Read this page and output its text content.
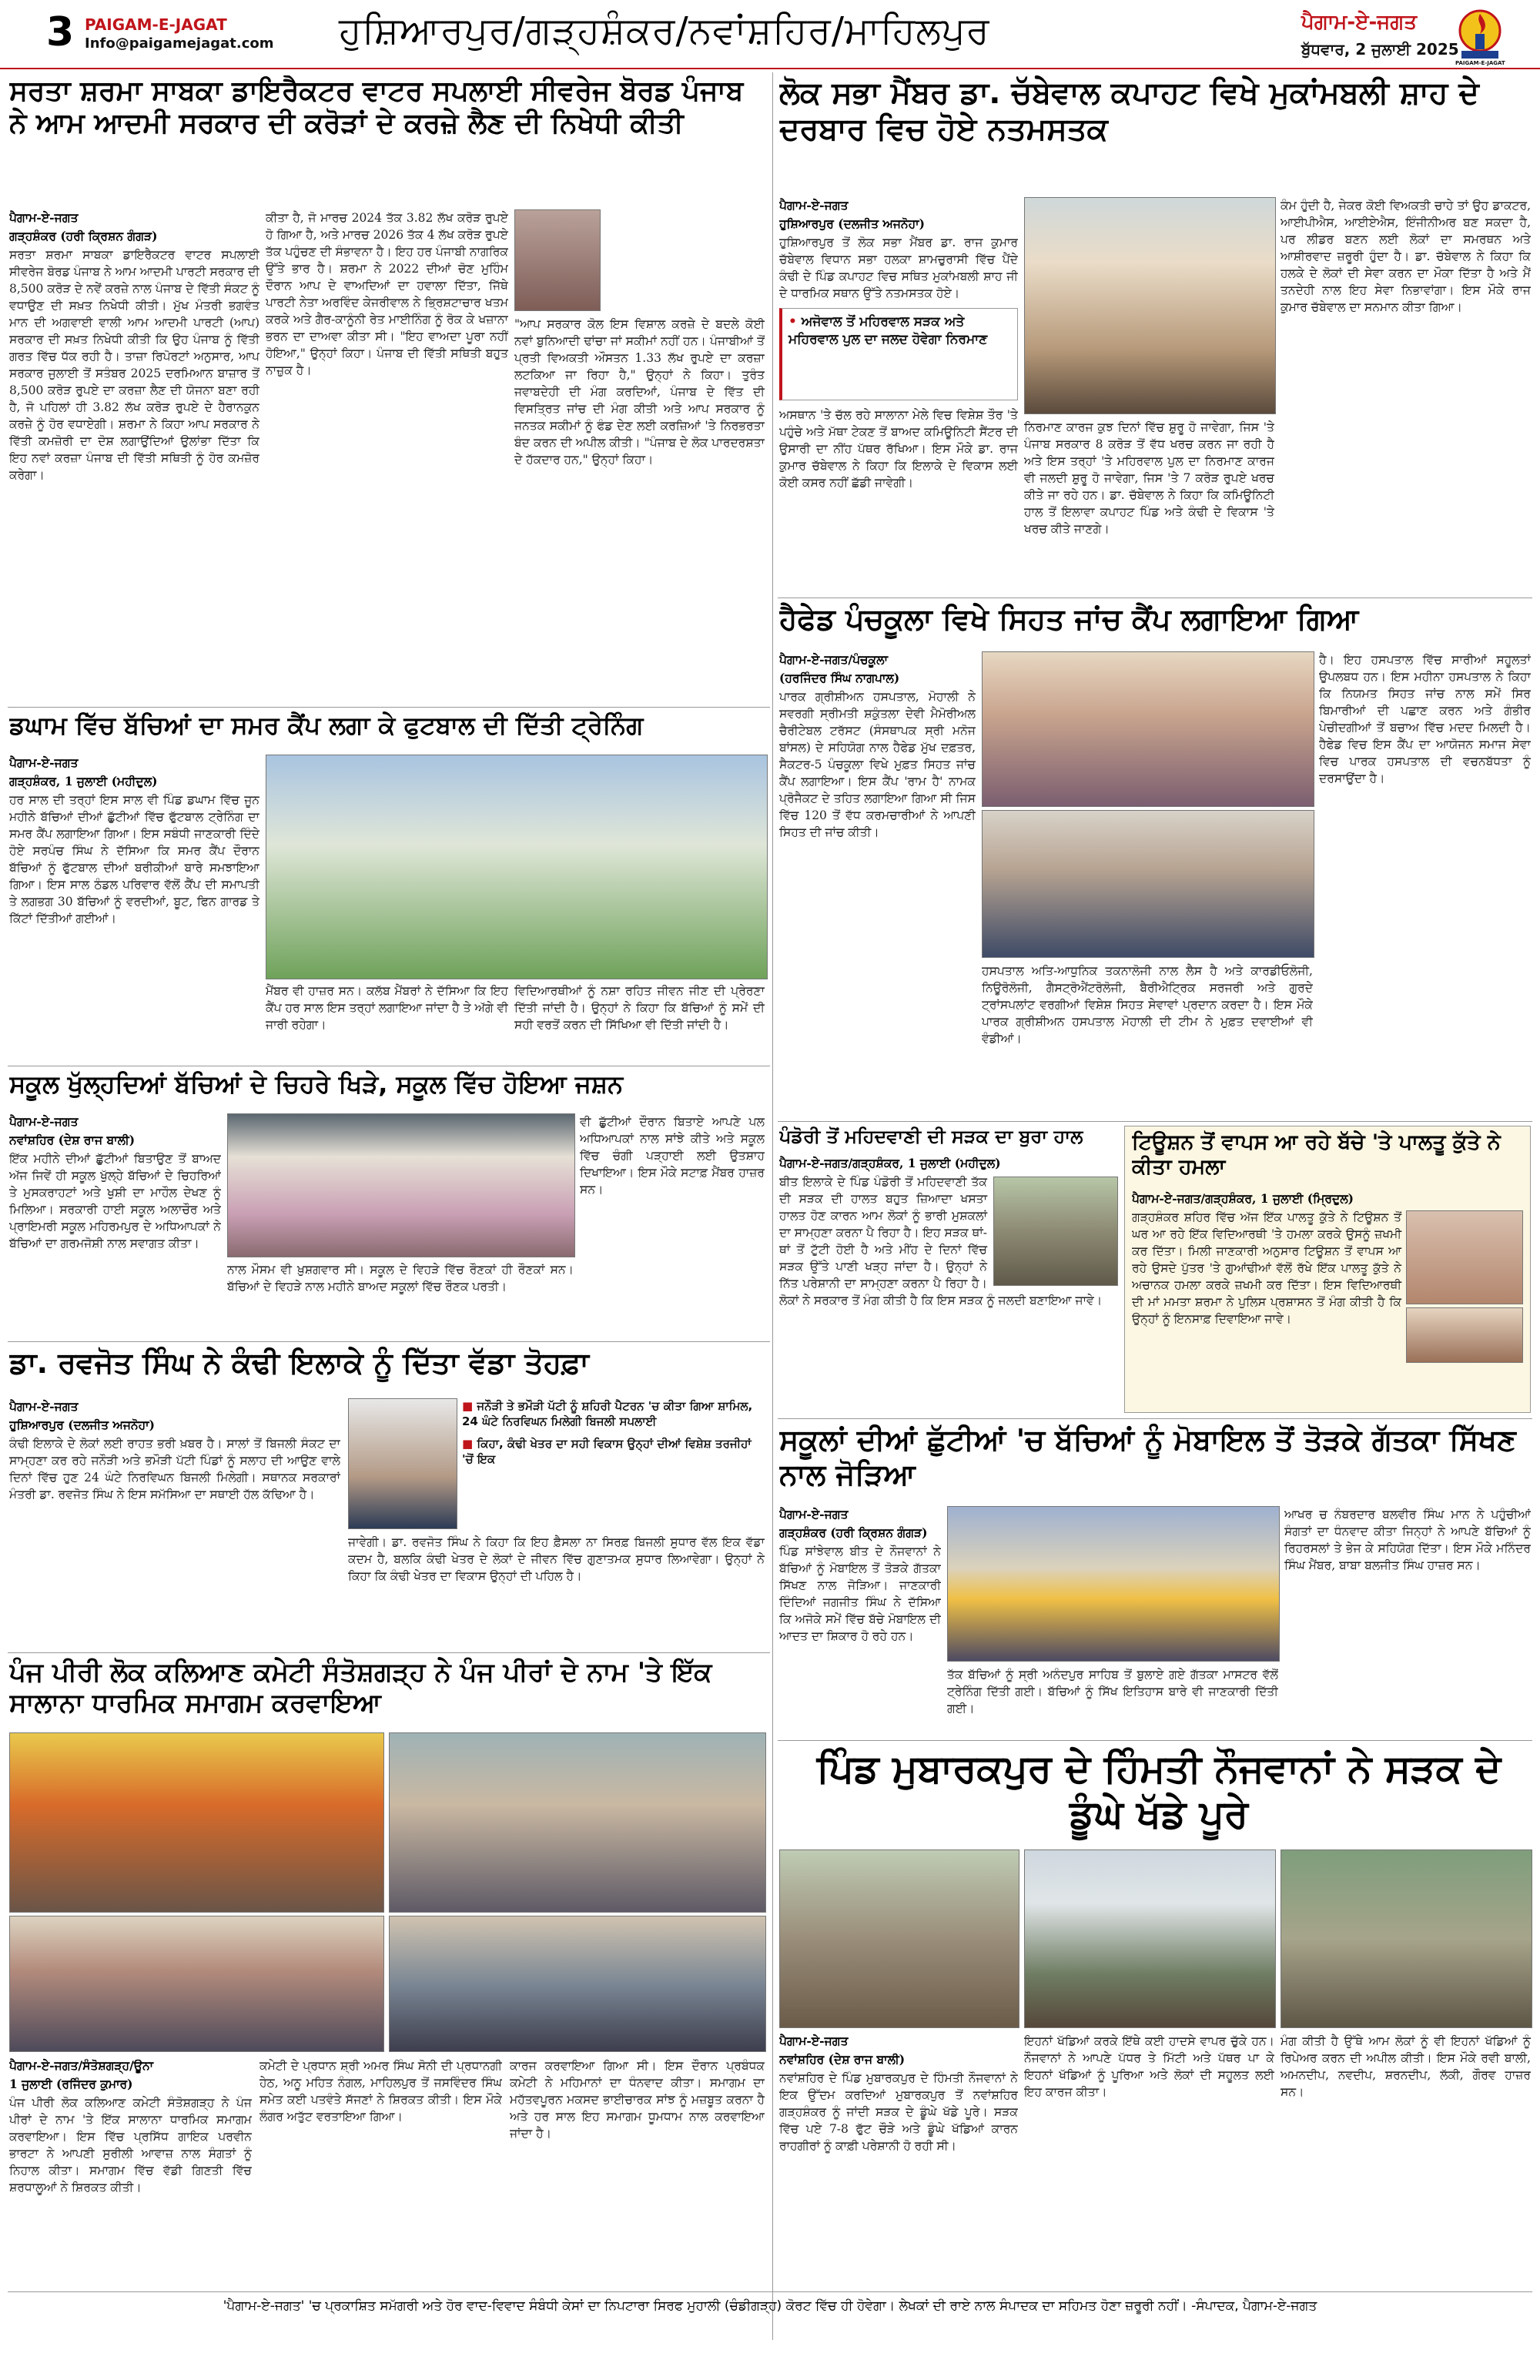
3 PAIGAM-E-JAGAT
Info@paigamejagat.com ਹੁਸ਼ਿਆਰਪੁਰ/ਗੜ੍ਹਸ਼ੰਕਰ/ਨਵਾਂਸ਼ਹਿਰ/ਮਾਹਿਲਪੁਰ	ਪੈਗਾਮ-ਏ-ਜਗਤ
PAIGAM-E-JAGAT
ਬੁੱਧਵਾਰ, 2 ਜੁਲਾਈ 2025
ਸਰਤਾ ਸ਼ਰਮਾ ਸਾਬਕਾ ਡਾਇਰੈਕਟਰ ਵਾਟਰ ਸਪਲਾਈ ਸੀਵਰੇਜ ਬੋਰਡ ਪੰਜਾਬ ਨੇ ਆਮ ਆਦਮੀ ਸਰਕਾਰ ਦੀ ਕਰੋੜਾਂ ਦੇ ਕਰਜ਼ੇ ਲੈਣ ਦੀ ਨਿਖੇਧੀ ਕੀਤੀ
ਪੈਗਾਮ-ਏ-ਜਗਤ
ਗੜ੍ਹਸ਼ੰਕਰ (ਹਰੀ ਕ੍ਰਿਸ਼ਨ ਗੰਗੜ)

ਸਰਤਾ ਸ਼ਰਮਾ ਸਾਬਕਾ ਡਾਇਰੈਕਟਰ ਵਾਟਰ ਸਪਲਾਈ ਸੀਵਰੇਜ ਬੋਰਡ ਪੰਜਾਬ ਨੇ ਆਮ ਆਦਮੀ ਪਾਰਟੀ ਸਰਕਾਰ ਦੀ 8,500 ਕਰੋੜ ਦੇ ਨਵੇਂ ਕਰਜ਼ੇ ਨਾਲ ਪੰਜਾਬ ਦੇ ਵਿੱਤੀ ਸੰਕਟ ਨੂੰ ਵਧਾਉਣ ਦੀ ਸਖ਼ਤ ਨਿਖੇਧੀ ਕੀਤੀ। ਮੁੱਖ ਮੰਤਰੀ ਭਗਵੰਤ ਮਾਨ ਦੀ ਅਗਵਾਈ ਵਾਲੀ ਆਮ ਆਦਮੀ ਪਾਰਟੀ (ਆਪ) ਸਰਕਾਰ ਦੀ ਸਖ਼ਤ ਨਿਖੇਧੀ ਕੀਤੀ ਕਿ ਉਹ ਪੰਜਾਬ ਨੂੰ ਵਿੱਤੀ ਗਰਤ ਵਿੱਚ ਧੱਕ ਰਹੀ ਹੈ। ਤਾਜ਼ਾ ਰਿਪੋਰਟਾਂ ਅਨੁਸਾਰ, ਆਪ ਸਰਕਾਰ ਜੁਲਾਈ ਤੋਂ ਸਤੰਬਰ 2025 ਦਰਮਿਆਨ ਬਾਜ਼ਾਰ ਤੋਂ 8,500 ਕਰੋੜ ਰੁਪਏ ਦਾ ਕਰਜ਼ਾ ਲੈਣ ਦੀ ਯੋਜਨਾ ਬਣਾ ਰਹੀ ਹੈ, ਜੋ ਪਹਿਲਾਂ ਹੀ 3.82 ਲੱਖ ਕਰੋੜ ਰੁਪਏ ਦੇ ਹੈਰਾਨਕੁਨ ਕਰਜ਼ੇ ਨੂੰ ਹੋਰ ਵਧਾਏਗੀ। ਸ਼ਰਮਾ ਨੇ ਕਿਹਾ ਆਪ ਸਰਕਾਰ ਨੇ ਵਿੱਤੀ ਕਮਜ਼ੋਰੀ ਦਾ ਦੋਸ਼ ਲਗਾਉਂਦਿਆਂ ਉਲਾਂਭਾ ਦਿੱਤਾ ਕਿ ਇਹ ਨਵਾਂ ਕਰਜ਼ਾ ਪੰਜਾਬ ਦੀ ਵਿੱਤੀ ਸਥਿਤੀ ਨੂੰ ਹੋਰ ਕਮਜ਼ੋਰ ਕਰੇਗਾ।

ਕੀਤਾ ਹੈ, ਜੋ ਮਾਰਚ 2024 ਤੱਕ 3.82 ਲੱਖ ਕਰੋੜ ਰੁਪਏ ਹੋ ਗਿਆ ਹੈ, ਅਤੇ ਮਾਰਚ 2026 ਤੱਕ 4 ਲੱਖ ਕਰੋੜ ਰੁਪਏ ਤੱਕ ਪਹੁੰਚਣ ਦੀ ਸੰਭਾਵਨਾ ਹੈ। ਇਹ ਹਰ ਪੰਜਾਬੀ ਨਾਗਰਿਕ ਉੱਤੇ ਭਾਰ ਹੈ। ਸ਼ਰਮਾ ਨੇ 2022 ਦੀਆਂ ਚੋਣ ਮੁਹਿੰਮ ਦੌਰਾਨ ਆਪ ਦੇ ਵਾਅਦਿਆਂ ਦਾ ਹਵਾਲਾ ਦਿੱਤਾ, ਜਿੱਥੇ ਪਾਰਟੀ ਨੇਤਾ ਅਰਵਿੰਦ ਕੇਜਰੀਵਾਲ ਨੇ ਭ੍ਰਿਸ਼ਟਾਚਾਰ ਖਤਮ ਕਰਕੇ ਅਤੇ ਗੈਰ-ਕਾਨੂੰਨੀ ਰੇਤ ਮਾਈਨਿੰਗ ਨੂੰ ਰੋਕ ਕੇ ਖਜ਼ਾਨਾ ਭਰਨ ਦਾ ਦਾਅਵਾ ਕੀਤਾ ਸੀ। "ਇਹ ਵਾਅਦਾ ਪੂਰਾ ਨਹੀਂ ਹੋਇਆ," ਉਨ੍ਹਾਂ ਕਿਹਾ। ਪੰਜਾਬ ਦੀ ਵਿੱਤੀ ਸਥਿਤੀ ਬਹੁਤ ਨਾਜ਼ੁਕ ਹੈ।

"ਆਪ ਸਰਕਾਰ ਕੋਲ ਇਸ ਵਿਸ਼ਾਲ ਕਰਜ਼ੇ ਦੇ ਬਦਲੇ ਕੋਈ ਨਵਾਂ ਬੁਨਿਆਦੀ ਢਾਂਚਾ ਜਾਂ ਸਕੀਮਾਂ ਨਹੀਂ ਹਨ। ਪੰਜਾਬੀਆਂ ਤੋਂ ਪ੍ਰਤੀ ਵਿਅਕਤੀ ਔਸਤਨ 1.33 ਲੱਖ ਰੁਪਏ ਦਾ ਕਰਜ਼ਾ ਲਟਕਿਆ ਜਾ ਰਿਹਾ ਹੈ," ਉਨ੍ਹਾਂ ਨੇ ਕਿਹਾ। ਤੁਰੰਤ ਜਵਾਬਦੇਹੀ ਦੀ ਮੰਗ ਕਰਦਿਆਂ, ਪੰਜਾਬ ਦੇ ਵਿੱਤ ਦੀ ਵਿਸਤ੍ਰਿਤ ਜਾਂਚ ਦੀ ਮੰਗ ਕੀਤੀ ਅਤੇ ਆਪ ਸਰਕਾਰ ਨੂੰ ਜਨਤਕ ਸਕੀਮਾਂ ਨੂੰ ਫੰਡ ਦੇਣ ਲਈ ਕਰਜ਼ਿਆਂ 'ਤੇ ਨਿਰਭਰਤਾ ਬੰਦ ਕਰਨ ਦੀ ਅਪੀਲ ਕੀਤੀ। "ਪੰਜਾਬ ਦੇ ਲੋਕ ਪਾਰਦਰਸ਼ਤਾ ਦੇ ਹੱਕਦਾਰ ਹਨ," ਉਨ੍ਹਾਂ ਕਿਹਾ।

ਡਘਾਮ ਵਿੱਚ ਬੱਚਿਆਂ ਦਾ ਸਮਰ ਕੈਂਪ ਲਗਾ ਕੇ ਫੁਟਬਾਲ ਦੀ ਦਿੱਤੀ ਟ੍ਰੇਨਿੰਗ
ਪੈਗਾਮ-ਏ-ਜਗਤ
ਗੜ੍ਹਸ਼ੰਕਰ, 1 ਜੁਲਾਈ (ਮਹੀਦੁਲ)

ਹਰ ਸਾਲ ਦੀ ਤਰ੍ਹਾਂ ਇਸ ਸਾਲ ਵੀ ਪਿੰਡ ਡਘਾਮ ਵਿੱਚ ਜੂਨ ਮਹੀਨੇ ਬੱਚਿਆਂ ਦੀਆਂ ਛੁੱਟੀਆਂ ਵਿੱਚ ਫੁੱਟਬਾਲ ਟ੍ਰੇਨਿੰਗ ਦਾ ਸਮਰ ਕੈਂਪ ਲਗਾਇਆ ਗਿਆ। ਇਸ ਸਬੰਧੀ ਜਾਣਕਾਰੀ ਦਿੰਦੇ ਹੋਏ ਸਰਪੰਚ ਸਿੰਘ ਨੇ ਦੱਸਿਆ ਕਿ ਸਮਰ ਕੈਂਪ ਦੌਰਾਨ ਬੱਚਿਆਂ ਨੂੰ ਫੁੱਟਬਾਲ ਦੀਆਂ ਬਰੀਕੀਆਂ ਬਾਰੇ ਸਮਝਾਇਆ ਗਿਆ। ਇਸ ਸਾਲ ਠੰਡਲ ਪਰਿਵਾਰ ਵੱਲੋਂ ਕੈਂਪ ਦੀ ਸਮਾਪਤੀ ਤੇ ਲਗਭਗ 30 ਬੱਚਿਆਂ ਨੂੰ ਵਰਦੀਆਂ, ਬੂਟ, ਫਿਨ ਗਾਰਡ ਤੇ ਕਿੱਟਾਂ ਦਿੱਤੀਆਂ ਗਈਆਂ।

ਮੈਂਬਰ ਵੀ ਹਾਜ਼ਰ ਸਨ। ਕਲੱਬ ਮੈਂਬਰਾਂ ਨੇ ਦੱਸਿਆ ਕਿ ਇਹ ਕੈਂਪ ਹਰ ਸਾਲ ਇਸ ਤਰ੍ਹਾਂ ਲਗਾਇਆ ਜਾਂਦਾ ਹੈ ਤੇ ਅੱਗੇ ਵੀ ਜਾਰੀ ਰਹੇਗਾ।

ਵਿਦਿਆਰਥੀਆਂ ਨੂੰ ਨਸ਼ਾ ਰਹਿਤ ਜੀਵਨ ਜੀਣ ਦੀ ਪ੍ਰੇਰਣਾ ਦਿੱਤੀ ਜਾਂਦੀ ਹੈ। ਉਨ੍ਹਾਂ ਨੇ ਕਿਹਾ ਕਿ ਬੱਚਿਆਂ ਨੂੰ ਸਮੇਂ ਦੀ ਸਹੀ ਵਰਤੋਂ ਕਰਨ ਦੀ ਸਿੱਖਿਆ ਵੀ ਦਿੱਤੀ ਜਾਂਦੀ ਹੈ।

ਸਕੂਲ ਖੁੱਲ੍ਹਦਿਆਂ ਬੱਚਿਆਂ ਦੇ ਚਿਹਰੇ ਖਿੜੇ, ਸਕੂਲ ਵਿੱਚ ਹੋਇਆ ਜਸ਼ਨ
ਪੈਗਾਮ-ਏ-ਜਗਤ
ਨਵਾਂਸ਼ਹਿਰ (ਦੇਸ਼ ਰਾਜ ਬਾਲੀ)

ਇੱਕ ਮਹੀਨੇ ਦੀਆਂ ਛੁੱਟੀਆਂ ਬਿਤਾਉਣ ਤੋਂ ਬਾਅਦ ਅੱਜ ਜਿਵੇਂ ਹੀ ਸਕੂਲ ਖੁੱਲ੍ਹੇ ਬੱਚਿਆਂ ਦੇ ਚਿਹਰਿਆਂ ਤੇ ਮੁਸਕਰਾਹਟਾਂ ਅਤੇ ਖੁਸ਼ੀ ਦਾ ਮਾਹੌਲ ਦੇਖਣ ਨੂੰ ਮਿਲਿਆ। ਸਰਕਾਰੀ ਹਾਈ ਸਕੂਲ ਅਲਾਚੌਰ ਅਤੇ ਪ੍ਰਾਇਮਰੀ ਸਕੂਲ ਮਹਿਰਮਪੁਰ ਦੇ ਅਧਿਆਪਕਾਂ ਨੇ ਬੱਚਿਆਂ ਦਾ ਗਰਮਜੋਸ਼ੀ ਨਾਲ ਸਵਾਗਤ ਕੀਤਾ।

ਨਾਲ ਮੌਸਮ ਵੀ ਖ਼ੁਸ਼ਗਵਾਰ ਸੀ। ਸਕੂਲ ਦੇ ਵਿਹੜੇ ਵਿੱਚ ਰੌਣਕਾਂ ਹੀ ਰੌਣਕਾਂ ਸਨ। ਬੱਚਿਆਂ ਦੇ ਵਿਹੜੇ ਨਾਲ ਮਹੀਨੇ ਬਾਅਦ ਸਕੂਲਾਂ ਵਿੱਚ ਰੌਣਕ ਪਰਤੀ।

ਵੀ ਛੁੱਟੀਆਂ ਦੌਰਾਨ ਬਿਤਾਏ ਆਪਣੇ ਪਲ ਅਧਿਆਪਕਾਂ ਨਾਲ ਸਾਂਝੇ ਕੀਤੇ ਅਤੇ ਸਕੂਲ ਵਿੱਚ ਚੰਗੀ ਪੜ੍ਹਾਈ ਲਈ ਉਤਸ਼ਾਹ ਦਿਖਾਇਆ। ਇਸ ਮੌਕੇ ਸਟਾਫ਼ ਮੈਂਬਰ ਹਾਜ਼ਰ ਸਨ।

ਡਾ. ਰਵਜੋਤ ਸਿੰਘ ਨੇ ਕੰਢੀ ਇਲਾਕੇ ਨੂੰ ਦਿੱਤਾ ਵੱਡਾ ਤੋਹਫ਼ਾ
ਪੈਗਾਮ-ਏ-ਜਗਤ
ਹੁਸ਼ਿਆਰਪੁਰ (ਦਲਜੀਤ ਅਜਨੋਹਾ)

ਕੰਢੀ ਇਲਾਕੇ ਦੇ ਲੋਕਾਂ ਲਈ ਰਾਹਤ ਭਰੀ ਖ਼ਬਰ ਹੈ। ਸਾਲਾਂ ਤੋਂ ਬਿਜਲੀ ਸੰਕਟ ਦਾ ਸਾਮ੍ਹਣਾ ਕਰ ਰਹੇ ਜਨੌੜੀ ਅਤੇ ਭਮੌੜੀ ਪੱਟੀ ਪਿੰਡਾਂ ਨੂੰ ਸਲਾਹ ਦੀ ਆਉਣ ਵਾਲੇ ਦਿਨਾਂ ਵਿੱਚ ਹੁਣ 24 ਘੰਟੇ ਨਿਰਵਿਘਨ ਬਿਜਲੀ ਮਿਲੇਗੀ। ਸਥਾਨਕ ਸਰਕਾਰਾਂ ਮੰਤਰੀ ਡਾ. ਰਵਜੋਤ ਸਿੰਘ ਨੇ ਇਸ ਸਮੱਸਿਆ ਦਾ ਸਥਾਈ ਹੱਲ ਕੱਢਿਆ ਹੈ।

■ ਜਨੌੜੀ ਤੇ ਭਮੌੜੀ ਪੱਟੀ ਨੂੰ ਸ਼ਹਿਰੀ ਪੈਟਰਨ 'ਚ ਕੀਤਾ ਗਿਆ ਸ਼ਾਮਿਲ, 24 ਘੰਟੇ ਨਿਰਵਿਘਨ ਮਿਲੇਗੀ ਬਿਜਲੀ ਸਪਲਾਈ
■ ਕਿਹਾ, ਕੰਢੀ ਖੇਤਰ ਦਾ ਸਹੀ ਵਿਕਾਸ ਉਨ੍ਹਾਂ ਦੀਆਂ ਵਿਸ਼ੇਸ਼ ਤਰਜੀਹਾਂ 'ਚੋਂ ਇਕ

ਜਾਵੇਗੀ। ਡਾ. ਰਵਜੋਤ ਸਿੰਘ ਨੇ ਕਿਹਾ ਕਿ ਇਹ ਫ਼ੈਸਲਾ ਨਾ ਸਿਰਫ਼ ਬਿਜਲੀ ਸੁਧਾਰ ਵੱਲ ਇਕ ਵੱਡਾ ਕਦਮ ਹੈ, ਬਲਕਿ ਕੰਢੀ ਖੇਤਰ ਦੇ ਲੋਕਾਂ ਦੇ ਜੀਵਨ ਵਿੱਚ ਗੁਣਾਤਮਕ ਸੁਧਾਰ ਲਿਆਵੇਗਾ। ਉਨ੍ਹਾਂ ਨੇ ਕਿਹਾ ਕਿ ਕੰਢੀ ਖੇਤਰ ਦਾ ਵਿਕਾਸ ਉਨ੍ਹਾਂ ਦੀ ਪਹਿਲ ਹੈ।

ਪੰਜ ਪੀਰੀ ਲੋਕ ਕਲਿਆਣ ਕਮੇਟੀ ਸੰਤੋਸ਼ਗੜ੍ਹ ਨੇ ਪੰਜ ਪੀਰਾਂ ਦੇ ਨਾਮ 'ਤੇ ਇੱਕ ਸਾਲਾਨਾ ਧਾਰਮਿਕ ਸਮਾਗਮ ਕਰਵਾਇਆ
ਪੈਗਾਮ-ਏ-ਜਗਤ/ਸੰਤੋਸ਼ਗੜ੍ਹ/ਊਨਾ
1 ਜੁਲਾਈ (ਰਜਿੰਦਰ ਕੁਮਾਰ)

ਪੰਜ ਪੀਰੀ ਲੋਕ ਕਲਿਆਣ ਕਮੇਟੀ ਸੰਤੋਸ਼ਗੜ੍ਹ ਨੇ ਪੰਜ ਪੀਰਾਂ ਦੇ ਨਾਮ 'ਤੇ ਇੱਕ ਸਾਲਾਨਾ ਧਾਰਮਿਕ ਸਮਾਗਮ ਕਰਵਾਇਆ। ਇਸ ਵਿੱਚ ਪ੍ਰਸਿੱਧ ਗਾਇਕ ਪਰਵੀਨ ਭਾਰਟਾ ਨੇ ਆਪਣੀ ਸੁਰੀਲੀ ਆਵਾਜ਼ ਨਾਲ ਸੰਗਤਾਂ ਨੂੰ ਨਿਹਾਲ ਕੀਤਾ। ਸਮਾਗਮ ਵਿੱਚ ਵੱਡੀ ਗਿਣਤੀ ਵਿੱਚ ਸ਼ਰਧਾਲੂਆਂ ਨੇ ਸ਼ਿਰਕਤ ਕੀਤੀ।

ਕਮੇਟੀ ਦੇ ਪ੍ਰਧਾਨ ਸ਼੍ਰੀ ਅਮਰ ਸਿੰਘ ਸੋਨੀ ਦੀ ਪ੍ਰਧਾਨਗੀ ਹੇਠ, ਅਨੂ ਮਹਿਤ ਨੰਗਲ, ਮਾਹਿਲਪੁਰ ਤੋਂ ਜਸਵਿੰਦਰ ਸਿੰਘ ਸਮੇਤ ਕਈ ਪਤਵੰਤੇ ਸੱਜਣਾਂ ਨੇ ਸ਼ਿਰਕਤ ਕੀਤੀ। ਇਸ ਮੌਕੇ ਲੰਗਰ ਅਤੁੱਟ ਵਰਤਾਇਆ ਗਿਆ।

ਕਾਰਜ ਕਰਵਾਇਆ ਗਿਆ ਸੀ। ਇਸ ਦੌਰਾਨ ਪ੍ਰਬੰਧਕ ਕਮੇਟੀ ਨੇ ਮਹਿਮਾਨਾਂ ਦਾ ਧੰਨਵਾਦ ਕੀਤਾ। ਸਮਾਗਮ ਦਾ ਮਹੱਤਵਪੂਰਨ ਮਕਸਦ ਭਾਈਚਾਰਕ ਸਾਂਝ ਨੂੰ ਮਜ਼ਬੂਤ ਕਰਨਾ ਹੈ ਅਤੇ ਹਰ ਸਾਲ ਇਹ ਸਮਾਗਮ ਧੂਮਧਾਮ ਨਾਲ ਕਰਵਾਇਆ ਜਾਂਦਾ ਹੈ।

ਲੋਕ ਸਭਾ ਮੈਂਬਰ ਡਾ. ਚੱਬੇਵਾਲ ਕਪਾਹਟ ਵਿਖੇ ਮੁਕਾਂਮਬਲੀ ਸ਼ਾਹ ਦੇ ਦਰਬਾਰ ਵਿਚ ਹੋਏ ਨਤਮਸਤਕ
ਪੈਗਾਮ-ਏ-ਜਗਤ
ਹੁਸ਼ਿਆਰਪੁਰ (ਦਲਜੀਤ ਅਜਨੋਹਾ)

ਹੁਸ਼ਿਆਰਪੁਰ ਤੋਂ ਲੋਕ ਸਭਾ ਮੈਂਬਰ ਡਾ. ਰਾਜ ਕੁਮਾਰ ਚੱਬੇਵਾਲ ਵਿਧਾਨ ਸਭਾ ਹਲਕਾ ਸ਼ਾਮਚੁਰਾਸੀ ਵਿੱਚ ਪੈਂਦੇ ਕੰਢੀ ਦੇ ਪਿੰਡ ਕਪਾਹਟ ਵਿਚ ਸਥਿਤ ਮੁਕਾਂਮਬਲੀ ਸ਼ਾਹ ਜੀ ਦੇ ਧਾਰਮਿਕ ਸਥਾਨ ਉੱਤੇ ਨਤਮਸਤਕ ਹੋਏ।

• ਅਜੋਵਾਲ ਤੋਂ ਮਹਿਰਵਾਲ ਸੜਕ ਅਤੇ ਮਹਿਰਵਾਲ ਪੁਲ ਦਾ ਜਲਦ ਹੋਵੇਗਾ ਨਿਰਮਾਣ

ਅਸਥਾਨ 'ਤੇ ਚੱਲ ਰਹੇ ਸਾਲਾਨਾ ਮੇਲੇ ਵਿਚ ਵਿਸ਼ੇਸ਼ ਤੌਰ 'ਤੇ ਪਹੁੰਚੇ ਅਤੇ ਮੱਥਾ ਟੇਕਣ ਤੋਂ ਬਾਅਦ ਕਮਿਊਨਿਟੀ ਸੈਂਟਰ ਦੀ ਉਸਾਰੀ ਦਾ ਨੀਂਹ ਪੱਥਰ ਰੱਖਿਆ। ਇਸ ਮੌਕੇ ਡਾ. ਰਾਜ ਕੁਮਾਰ ਚੱਬੇਵਾਲ ਨੇ ਕਿਹਾ ਕਿ ਇਲਾਕੇ ਦੇ ਵਿਕਾਸ ਲਈ ਕੋਈ ਕਸਰ ਨਹੀਂ ਛੱਡੀ ਜਾਵੇਗੀ।

ਨਿਰਮਾਣ ਕਾਰਜ ਕੁਝ ਦਿਨਾਂ ਵਿੱਚ ਸ਼ੁਰੂ ਹੋ ਜਾਵੇਗਾ, ਜਿਸ 'ਤੇ ਪੰਜਾਬ ਸਰਕਾਰ 8 ਕਰੋੜ ਤੋਂ ਵੱਧ ਖਰਚ ਕਰਨ ਜਾ ਰਹੀ ਹੈ ਅਤੇ ਇਸ ਤਰ੍ਹਾਂ 'ਤੇ ਮਹਿਰਵਾਲ ਪੁਲ ਦਾ ਨਿਰਮਾਣ ਕਾਰਜ ਵੀ ਜਲਦੀ ਸ਼ੁਰੂ ਹੋ ਜਾਵੇਗਾ, ਜਿਸ 'ਤੇ 7 ਕਰੋੜ ਰੁਪਏ ਖਰਚ ਕੀਤੇ ਜਾ ਰਹੇ ਹਨ। ਡਾ. ਚੱਬੇਵਾਲ ਨੇ ਕਿਹਾ ਕਿ ਕਮਿਊਨਿਟੀ ਹਾਲ ਤੋਂ ਇਲਾਵਾ ਕਪਾਹਟ ਪਿੰਡ ਅਤੇ ਕੰਢੀ ਦੇ ਵਿਕਾਸ 'ਤੇ ਖਰਚ ਕੀਤੇ ਜਾਣਗੇ।

ਕੰਮ ਹੁੰਦੀ ਹੈ, ਜੇਕਰ ਕੋਈ ਵਿਅਕਤੀ ਚਾਹੇ ਤਾਂ ਉਹ ਡਾਕਟਰ, ਆਈਪੀਐਸ, ਆਈਏਐਸ, ਇੰਜੀਨੀਅਰ ਬਣ ਸਕਦਾ ਹੈ, ਪਰ ਲੀਡਰ ਬਣਨ ਲਈ ਲੋਕਾਂ ਦਾ ਸਮਰਥਨ ਅਤੇ ਆਸ਼ੀਰਵਾਦ ਜ਼ਰੂਰੀ ਹੁੰਦਾ ਹੈ। ਡਾ. ਚੱਬੇਵਾਲ ਨੇ ਕਿਹਾ ਕਿ ਹਲਕੇ ਦੇ ਲੋਕਾਂ ਦੀ ਸੇਵਾ ਕਰਨ ਦਾ ਮੌਕਾ ਦਿੱਤਾ ਹੈ ਅਤੇ ਮੈਂ ਤਨਦੇਹੀ ਨਾਲ ਇਹ ਸੇਵਾ ਨਿਭਾਵਾਂਗਾ। ਇਸ ਮੌਕੇ ਰਾਜ ਕੁਮਾਰ ਚੱਬੇਵਾਲ ਦਾ ਸਨਮਾਨ ਕੀਤਾ ਗਿਆ।

ਹੈਫੇਡ ਪੰਚਕੂਲਾ ਵਿਖੇ ਸਿਹਤ ਜਾਂਚ ਕੈਂਪ ਲਗਾਇਆ ਗਿਆ
ਪੈਗਾਮ-ਏ-ਜਗਤ/ਪੰਚਕੂਲਾ
(ਹਰਜਿੰਦਰ ਸਿੰਘ ਨਾਗਪਾਲ)

ਪਾਰਕ ਗ੍ਰੀਸ਼ੀਅਨ ਹਸਪਤਾਲ, ਮੋਹਾਲੀ ਨੇ ਸਵਰਗੀ ਸ੍ਰੀਮਤੀ ਸ਼ਕੁੰਤਲਾ ਦੇਵੀ ਮੈਮੋਰੀਅਲ ਚੈਰੀਟੇਬਲ ਟਰੱਸਟ (ਸੰਸਥਾਪਕ ਸ੍ਰੀ ਮਨੋਜ ਬਾਂਸਲ) ਦੇ ਸਹਿਯੋਗ ਨਾਲ ਹੈਫੇਡ ਮੁੱਖ ਦਫ਼ਤਰ, ਸੈਕਟਰ-5 ਪੰਚਕੂਲਾ ਵਿਖੇ ਮੁਫ਼ਤ ਸਿਹਤ ਜਾਂਚ ਕੈਂਪ ਲਗਾਇਆ। ਇਸ ਕੈਂਪ 'ਰਾਮ ਹੈ' ਨਾਮਕ ਪ੍ਰੋਜੈਕਟ ਦੇ ਤਹਿਤ ਲਗਾਇਆ ਗਿਆ ਸੀ ਜਿਸ ਵਿੱਚ 120 ਤੋਂ ਵੱਧ ਕਰਮਚਾਰੀਆਂ ਨੇ ਆਪਣੀ ਸਿਹਤ ਦੀ ਜਾਂਚ ਕੀਤੀ।

ਹਸਪਤਾਲ ਅਤਿ-ਆਧੁਨਿਕ ਤਕਨਾਲੋਜੀ ਨਾਲ ਲੈਸ ਹੈ ਅਤੇ ਕਾਰਡੀਓਲੋਜੀ, ਨਿਊਰੋਲੋਜੀ, ਗੈਸਟ੍ਰੋਐਂਟਰੋਲੋਜੀ, ਬੈਰੀਐਟ੍ਰਿਕ ਸਰਜਰੀ ਅਤੇ ਗੁਰਦੇ ਟ੍ਰਾਂਸਪਲਾਂਟ ਵਰਗੀਆਂ ਵਿਸ਼ੇਸ਼ ਸਿਹਤ ਸੇਵਾਵਾਂ ਪ੍ਰਦਾਨ ਕਰਦਾ ਹੈ। ਇਸ ਮੌਕੇ ਪਾਰਕ ਗ੍ਰੀਸ਼ੀਅਨ ਹਸਪਤਾਲ ਮੋਹਾਲੀ ਦੀ ਟੀਮ ਨੇ ਮੁਫ਼ਤ ਦਵਾਈਆਂ ਵੀ ਵੰਡੀਆਂ।

ਹੈ। ਇਹ ਹਸਪਤਾਲ ਵਿੱਚ ਸਾਰੀਆਂ ਸਹੂਲਤਾਂ ਉਪਲਬਧ ਹਨ। ਇਸ ਮਹੀਨਾ ਹਸਪਤਾਲ ਨੇ ਕਿਹਾ ਕਿ ਨਿਯਮਤ ਸਿਹਤ ਜਾਂਚ ਨਾਲ ਸਮੇਂ ਸਿਰ ਬਿਮਾਰੀਆਂ ਦੀ ਪਛਾਣ ਕਰਨ ਅਤੇ ਗੰਭੀਰ ਪੇਚੀਦਗੀਆਂ ਤੋਂ ਬਚਾਅ ਵਿੱਚ ਮਦਦ ਮਿਲਦੀ ਹੈ। ਹੈਫੇਡ ਵਿਚ ਇਸ ਕੈਂਪ ਦਾ ਆਯੋਜਨ ਸਮਾਜ ਸੇਵਾ ਵਿਚ ਪਾਰਕ ਹਸਪਤਾਲ ਦੀ ਵਚਨਬੱਧਤਾ ਨੂੰ ਦਰਸਾਉਂਦਾ ਹੈ।

ਪੰਡੋਰੀ ਤੋਂ ਮਹਿਦਵਾਣੀ ਦੀ ਸੜਕ ਦਾ ਬੁਰਾ ਹਾਲ
ਪੈਗਾਮ-ਏ-ਜਗਤ/ਗੜ੍ਹਸ਼ੰਕਰ, 1 ਜੁਲਾਈ (ਮਹੀਦੁਲ)

ਬੀਤ ਇਲਾਕੇ ਦੇ ਪਿੰਡ ਪੰਡੋਰੀ ਤੋਂ ਮਹਿਦਵਾਣੀ ਤੱਕ ਦੀ ਸੜਕ ਦੀ ਹਾਲਤ ਬਹੁਤ ਜ਼ਿਆਦਾ ਖਸਤਾ ਹਾਲਤ ਹੋਣ ਕਾਰਨ ਆਮ ਲੋਕਾਂ ਨੂੰ ਭਾਰੀ ਮੁਸ਼ਕਲਾਂ ਦਾ ਸਾਮ੍ਹਣਾ ਕਰਨਾ ਪੈ ਰਿਹਾ ਹੈ। ਇਹ ਸੜਕ ਥਾਂ-ਥਾਂ ਤੋਂ ਟੁੱਟੀ ਹੋਈ ਹੈ ਅਤੇ ਮੀਂਹ ਦੇ ਦਿਨਾਂ ਵਿੱਚ ਸੜਕ ਉੱਤੇ ਪਾਣੀ ਖੜ੍ਹ ਜਾਂਦਾ ਹੈ। ਉਨ੍ਹਾਂ ਨੇ ਨਿੱਤ ਪਰੇਸ਼ਾਨੀ ਦਾ ਸਾਮ੍ਹਣਾ ਕਰਨਾ ਪੈ ਰਿਹਾ ਹੈ। ਲੋਕਾਂ ਨੇ ਸਰਕਾਰ ਤੋਂ ਮੰਗ ਕੀਤੀ ਹੈ ਕਿ ਇਸ ਸੜਕ ਨੂੰ ਜਲਦੀ ਬਣਾਇਆ ਜਾਵੇ।

ਟਿਊਸ਼ਨ ਤੋਂ ਵਾਪਸ ਆ ਰਹੇ ਬੱਚੇ 'ਤੇ ਪਾਲਤੂ ਕੁੱਤੇ ਨੇ ਕੀਤਾ ਹਮਲਾ
ਪੈਗਾਮ-ਏ-ਜਗਤ/ਗੜ੍ਹਸ਼ੰਕਰ, 1 ਜੁਲਾਈ (ਮ੍ਰਿਦੁਲ)

ਗੜ੍ਹਸ਼ੰਕਰ ਸ਼ਹਿਰ ਵਿੱਚ ਅੱਜ ਇੱਕ ਪਾਲਤੂ ਕੁੱਤੇ ਨੇ ਟਿਊਸ਼ਨ ਤੋਂ ਘਰ ਆ ਰਹੇ ਇੱਕ ਵਿਦਿਆਰਥੀ 'ਤੇ ਹਮਲਾ ਕਰਕੇ ਉਸਨੂੰ ਜ਼ਖਮੀ ਕਰ ਦਿੱਤਾ। ਮਿਲੀ ਜਾਣਕਾਰੀ ਅਨੁਸਾਰ ਟਿਊਸ਼ਨ ਤੋਂ ਵਾਪਸ ਆ ਰਹੇ ਉਸਦੇ ਪੁੱਤਰ 'ਤੇ ਗੁਆਂਢੀਆਂ ਵੱਲੋਂ ਰੱਖੇ ਇੱਕ ਪਾਲਤੂ ਕੁੱਤੇ ਨੇ ਅਚਾਨਕ ਹਮਲਾ ਕਰਕੇ ਜ਼ਖਮੀ ਕਰ ਦਿੱਤਾ। ਇਸ ਵਿਦਿਆਰਥੀ ਦੀ ਮਾਂ ਮਮਤਾ ਸ਼ਰਮਾ ਨੇ ਪੁਲਿਸ ਪ੍ਰਸ਼ਾਸਨ ਤੋਂ ਮੰਗ ਕੀਤੀ ਹੈ ਕਿ ਉਨ੍ਹਾਂ ਨੂੰ ਇਨਸਾਫ਼ ਦਿਵਾਇਆ ਜਾਵੇ।

ਸਕੂਲਾਂ ਦੀਆਂ ਛੁੱਟੀਆਂ 'ਚ ਬੱਚਿਆਂ ਨੂੰ ਮੋਬਾਇਲ ਤੋਂ ਤੋੜਕੇ ਗੱਤਕਾ ਸਿੱਖਣ ਨਾਲ ਜੋੜਿਆ
ਪੈਗਾਮ-ਏ-ਜਗਤ
ਗੜ੍ਹਸ਼ੰਕਰ (ਹਰੀ ਕ੍ਰਿਸ਼ਨ ਗੰਗੜ)

ਪਿੰਡ ਸਾਂਝੇਵਾਲ ਬੀਤ ਦੇ ਨੌਜਵਾਨਾਂ ਨੇ ਬੱਚਿਆਂ ਨੂੰ ਮੋਬਾਇਲ ਤੋਂ ਤੋੜਕੇ ਗੱਤਕਾ ਸਿੱਖਣ ਨਾਲ ਜੋੜਿਆ। ਜਾਣਕਾਰੀ ਦਿੰਦਿਆਂ ਜਗਜੀਤ ਸਿੰਘ ਨੇ ਦੱਸਿਆ ਕਿ ਅਜੋਕੇ ਸਮੇਂ ਵਿੱਚ ਬੱਚੇ ਮੋਬਾਇਲ ਦੀ ਆਦਤ ਦਾ ਸ਼ਿਕਾਰ ਹੋ ਰਹੇ ਹਨ।

ਤੱਕ ਬੱਚਿਆਂ ਨੂੰ ਸ੍ਰੀ ਅਨੰਦਪੁਰ ਸਾਹਿਬ ਤੋਂ ਬੁਲਾਏ ਗਏ ਗੱਤਕਾ ਮਾਸਟਰ ਵੱਲੋਂ ਟ੍ਰੇਨਿੰਗ ਦਿੱਤੀ ਗਈ। ਬੱਚਿਆਂ ਨੂੰ ਸਿੱਖ ਇਤਿਹਾਸ ਬਾਰੇ ਵੀ ਜਾਣਕਾਰੀ ਦਿੱਤੀ ਗਈ।

ਆਖਰ ਚ ਨੰਬਰਦਾਰ ਬਲਵੀਰ ਸਿੰਘ ਮਾਨ ਨੇ ਪਹੁੰਚੀਆਂ ਸੰਗਤਾਂ ਦਾ ਧੰਨਵਾਦ ਕੀਤਾ ਜਿਨ੍ਹਾਂ ਨੇ ਆਪਣੇ ਬੱਚਿਆਂ ਨੂੰ ਰਿਹਰਸਲਾਂ ਤੇ ਭੇਜ ਕੇ ਸਹਿਯੋਗ ਦਿੱਤਾ। ਇਸ ਮੌਕੇ ਮਨਿੰਦਰ ਸਿੰਘ ਮੈਂਬਰ, ਬਾਬਾ ਬਲਜੀਤ ਸਿੰਘ ਹਾਜ਼ਰ ਸਨ।

ਪਿੰਡ ਮੁਬਾਰਕਪੁਰ ਦੇ ਹਿੰਮਤੀ ਨੌਜਵਾਨਾਂ ਨੇ ਸੜਕ ਦੇ ਡੂੰਘੇ ਖੱਡੇ ਪੂਰੇ
ਪੈਗਾਮ-ਏ-ਜਗਤ
ਨਵਾਂਸ਼ਹਿਰ (ਦੇਸ਼ ਰਾਜ ਬਾਲੀ)

ਨਵਾਂਸ਼ਹਿਰ ਦੇ ਪਿੰਡ ਮੁਬਾਰਕਪੁਰ ਦੇ ਹਿੰਮਤੀ ਨੌਜਵਾਨਾਂ ਨੇ ਇਕ ਉੱਦਮ ਕਰਦਿਆਂ ਮੁਬਾਰਕਪੁਰ ਤੋਂ ਨਵਾਂਸ਼ਹਿਰ ਗੜ੍ਹਸ਼ੰਕਰ ਨੂੰ ਜਾਂਦੀ ਸੜਕ ਦੇ ਡੂੰਘੇ ਖੱਡੇ ਪੂਰੇ। ਸੜਕ ਵਿੱਚ ਪਏ 7-8 ਫੁੱਟ ਚੌੜੇ ਅਤੇ ਡੂੰਘੇ ਖੱਡਿਆਂ ਕਾਰਨ ਰਾਹਗੀਰਾਂ ਨੂੰ ਕਾਫ਼ੀ ਪਰੇਸ਼ਾਨੀ ਹੋ ਰਹੀ ਸੀ।

ਇਹਨਾਂ ਖੱਡਿਆਂ ਕਰਕੇ ਇੱਥੇ ਕਈ ਹਾਦਸੇ ਵਾਪਰ ਚੁੱਕੇ ਹਨ। ਨੌਜਵਾਨਾਂ ਨੇ ਆਪਣੇ ਪੱਧਰ ਤੇ ਮਿੱਟੀ ਅਤੇ ਪੱਥਰ ਪਾ ਕੇ ਇਹਨਾਂ ਖੱਡਿਆਂ ਨੂੰ ਪੂਰਿਆ ਅਤੇ ਲੋਕਾਂ ਦੀ ਸਹੂਲਤ ਲਈ ਇਹ ਕਾਰਜ ਕੀਤਾ।

ਮੰਗ ਕੀਤੀ ਹੈ ਉੱਥੇ ਆਮ ਲੋਕਾਂ ਨੂੰ ਵੀ ਇਹਨਾਂ ਖੱਡਿਆਂ ਨੂੰ ਰਿਪੇਅਰ ਕਰਨ ਦੀ ਅਪੀਲ ਕੀਤੀ। ਇਸ ਮੌਕੇ ਰਵੀ ਬਾਲੀ, ਅਮਨਦੀਪ, ਨਵਦੀਪ, ਸ਼ਰਨਦੀਪ, ਲੱਕੀ, ਗੌਰਵ ਹਾਜ਼ਰ ਸਨ।

'ਪੈਗਾਮ-ਏ-ਜਗਤ' 'ਚ ਪ੍ਰਕਾਸ਼ਿਤ ਸਮੱਗਰੀ ਅਤੇ ਹੋਰ ਵਾਦ-ਵਿਵਾਦ ਸੰਬੰਧੀ ਕੇਸਾਂ ਦਾ ਨਿਪਟਾਰਾ ਸਿਰਫ ਮੁਹਾਲੀ (ਚੰਡੀਗੜ੍ਹ) ਕੋਰਟ ਵਿੱਚ ਹੀ ਹੋਵੇਗਾ। ਲੇਖਕਾਂ ਦੀ ਰਾਏ ਨਾਲ ਸੰਪਾਦਕ ਦਾ ਸਹਿਮਤ ਹੋਣਾ ਜ਼ਰੂਰੀ ਨਹੀਂ। -ਸੰਪਾਦਕ, ਪੈਗਾਮ-ਏ-ਜਗਤ
